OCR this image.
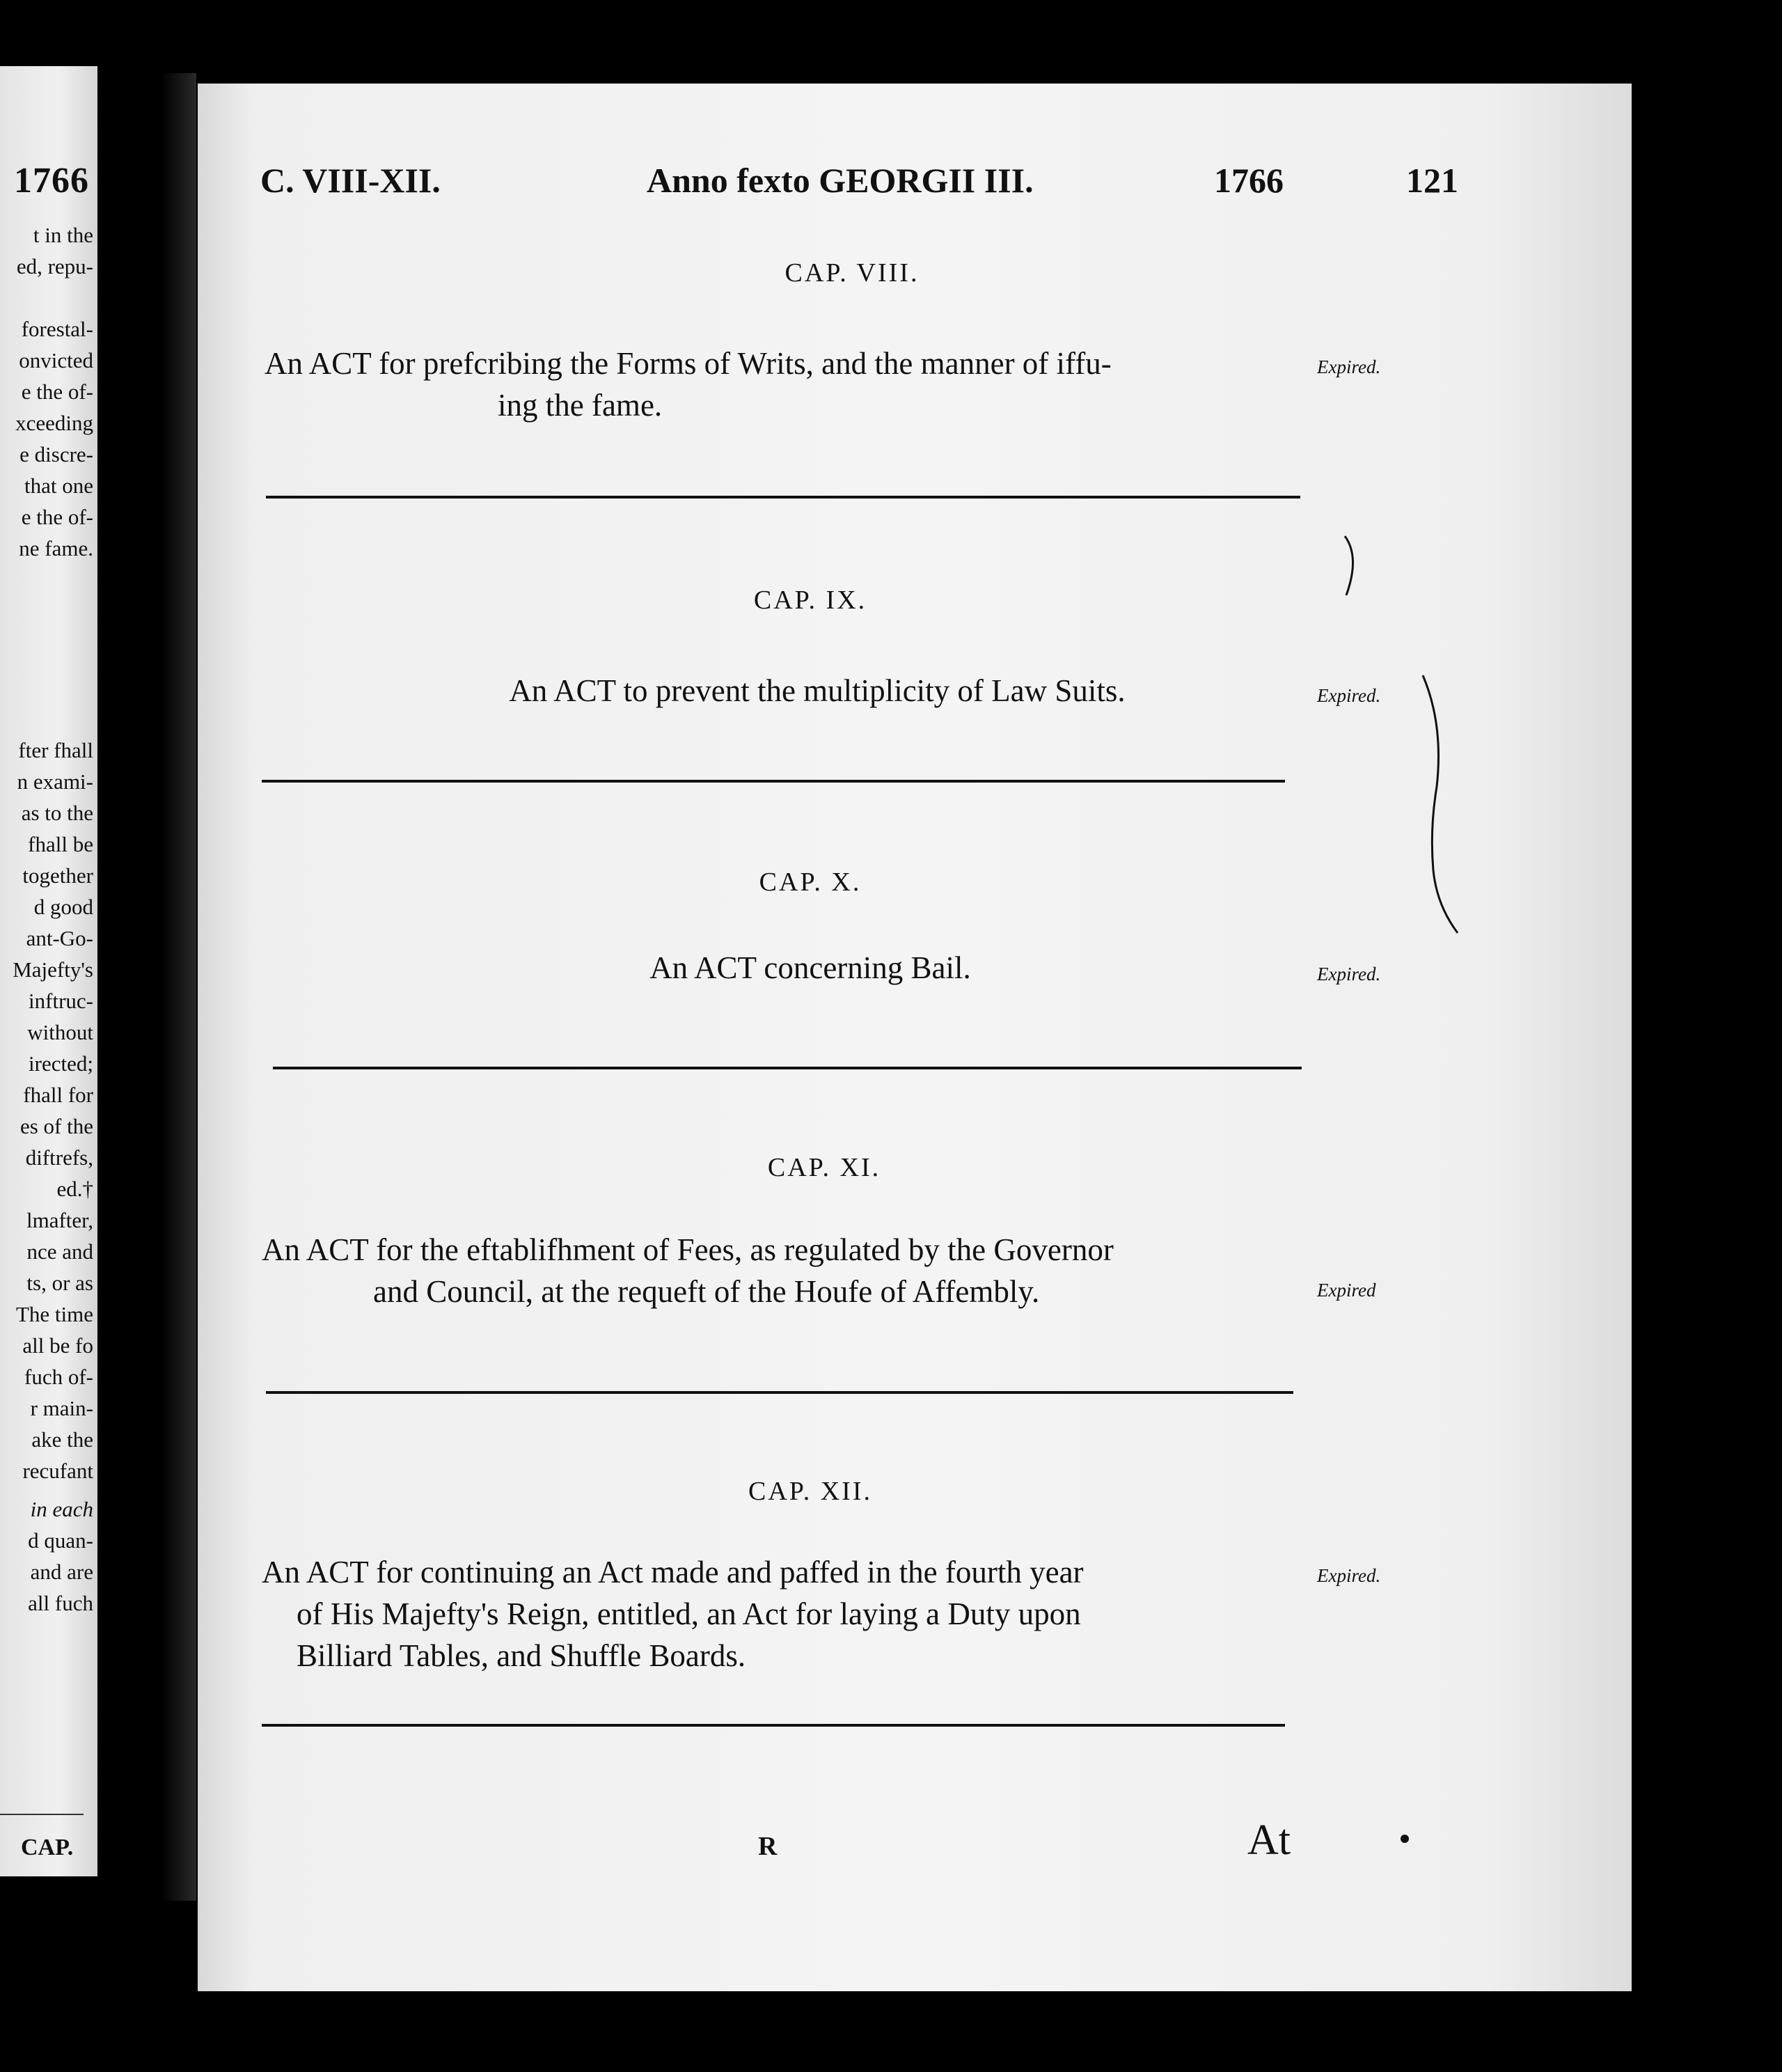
1766
t in the
ed, repu-
forestal-
onvicted
e the of-
xceeding
e discre-
that one
e the of-
ne fame.
fter fhall
n exami-
as to the
fhall be
together
d good
ant-Go-
Majefty's
inftruc-
without
irected;
fhall for
es of the
diftrefs,
ed.†
lmafter,
nce and
ts, or as
The time
all be fo
fuch of-
r main-
ake the
recufant
in each
d quan-
and are
all fuch
CAP.
C. VIII-XII.	Anno fexto GEORGII III.	1766	121
CAP. VIII.
An ACT for prefcribing the Forms of Writs, and the manner of iffu-
ing the fame.
Expired.
CAP. IX.
An ACT to prevent the multiplicity of Law Suits.	Expired.
CAP. X.
An ACT concerning Bail.	Expired.
CAP. XI.
An ACT for the eftablifhment of Fees, as regulated by the Governor
and Council, at the requeft of the Houfe of Affembly.	Expired
CAP. XII.
An ACT for continuing an Act made and paffed in the fourth year
of His Majefty's Reign, entitled, an Act for laying a Duty upon
Billiard Tables, and Shuffle Boards.
Expired.
R	At
